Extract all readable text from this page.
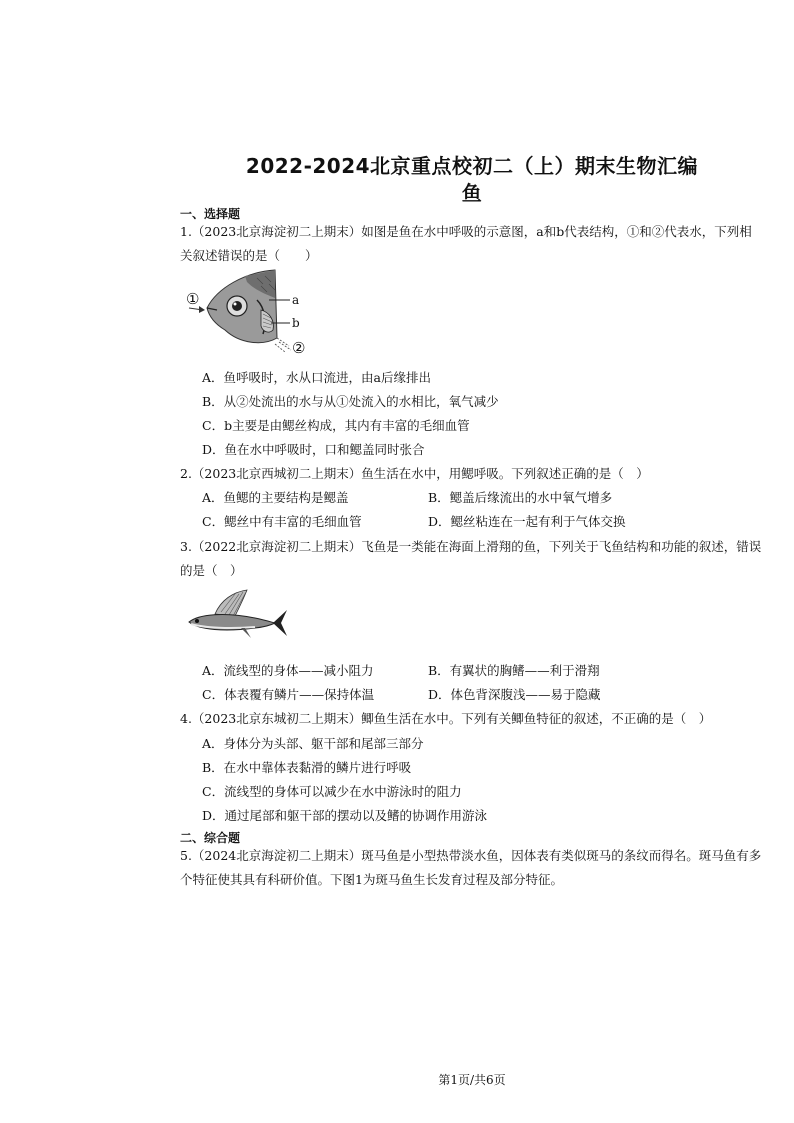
2022-2024北京重点校初二（上）期末生物汇编
鱼
一、选择题
1.（2023北京海淀初二上期末）如图是鱼在水中呼吸的示意图，a和b代表结构，①和②代表水，下列相
关叙述错误的是（　　）
①	a
b
②
A．鱼呼吸时，水从口流进，由a后缘排出
B．从②处流出的水与从①处流入的水相比，氧气减少
C．b主要是由鳃丝构成，其内有丰富的毛细血管
D．鱼在水中呼吸时，口和鳃盖同时张合
2.（2023北京西城初二上期末）鱼生活在水中，用鳃呼吸。下列叙述正确的是（　）
A．鱼鳃的主要结构是鳃盖	B．鳃盖后缘流出的水中氧气增多
C．鳃丝中有丰富的毛细血管	D．鳃丝粘连在一起有利于气体交换
3.（2022北京海淀初二上期末）飞鱼是一类能在海面上滑翔的鱼，下列关于飞鱼结构和功能的叙述，错误
的是（　）
A．流线型的身体——减小阻力	B．有翼状的胸鳍——利于滑翔
C．体表覆有鳞片——保持体温	D．体色背深腹浅——易于隐藏
4.（2023北京东城初二上期末）鲫鱼生活在水中。下列有关鲫鱼特征的叙述，不正确的是（　）
A．身体分为头部、躯干部和尾部三部分
B．在水中靠体表黏滑的鳞片进行呼吸
C．流线型的身体可以减少在水中游泳时的阻力
D．通过尾部和躯干部的摆动以及鳍的协调作用游泳
二、综合题
5.（2024北京海淀初二上期末）斑马鱼是小型热带淡水鱼，因体表有类似斑马的条纹而得名。斑马鱼有多
个特征使其具有科研价值。下图1为斑马鱼生长发育过程及部分特征。
第1页/共6页
